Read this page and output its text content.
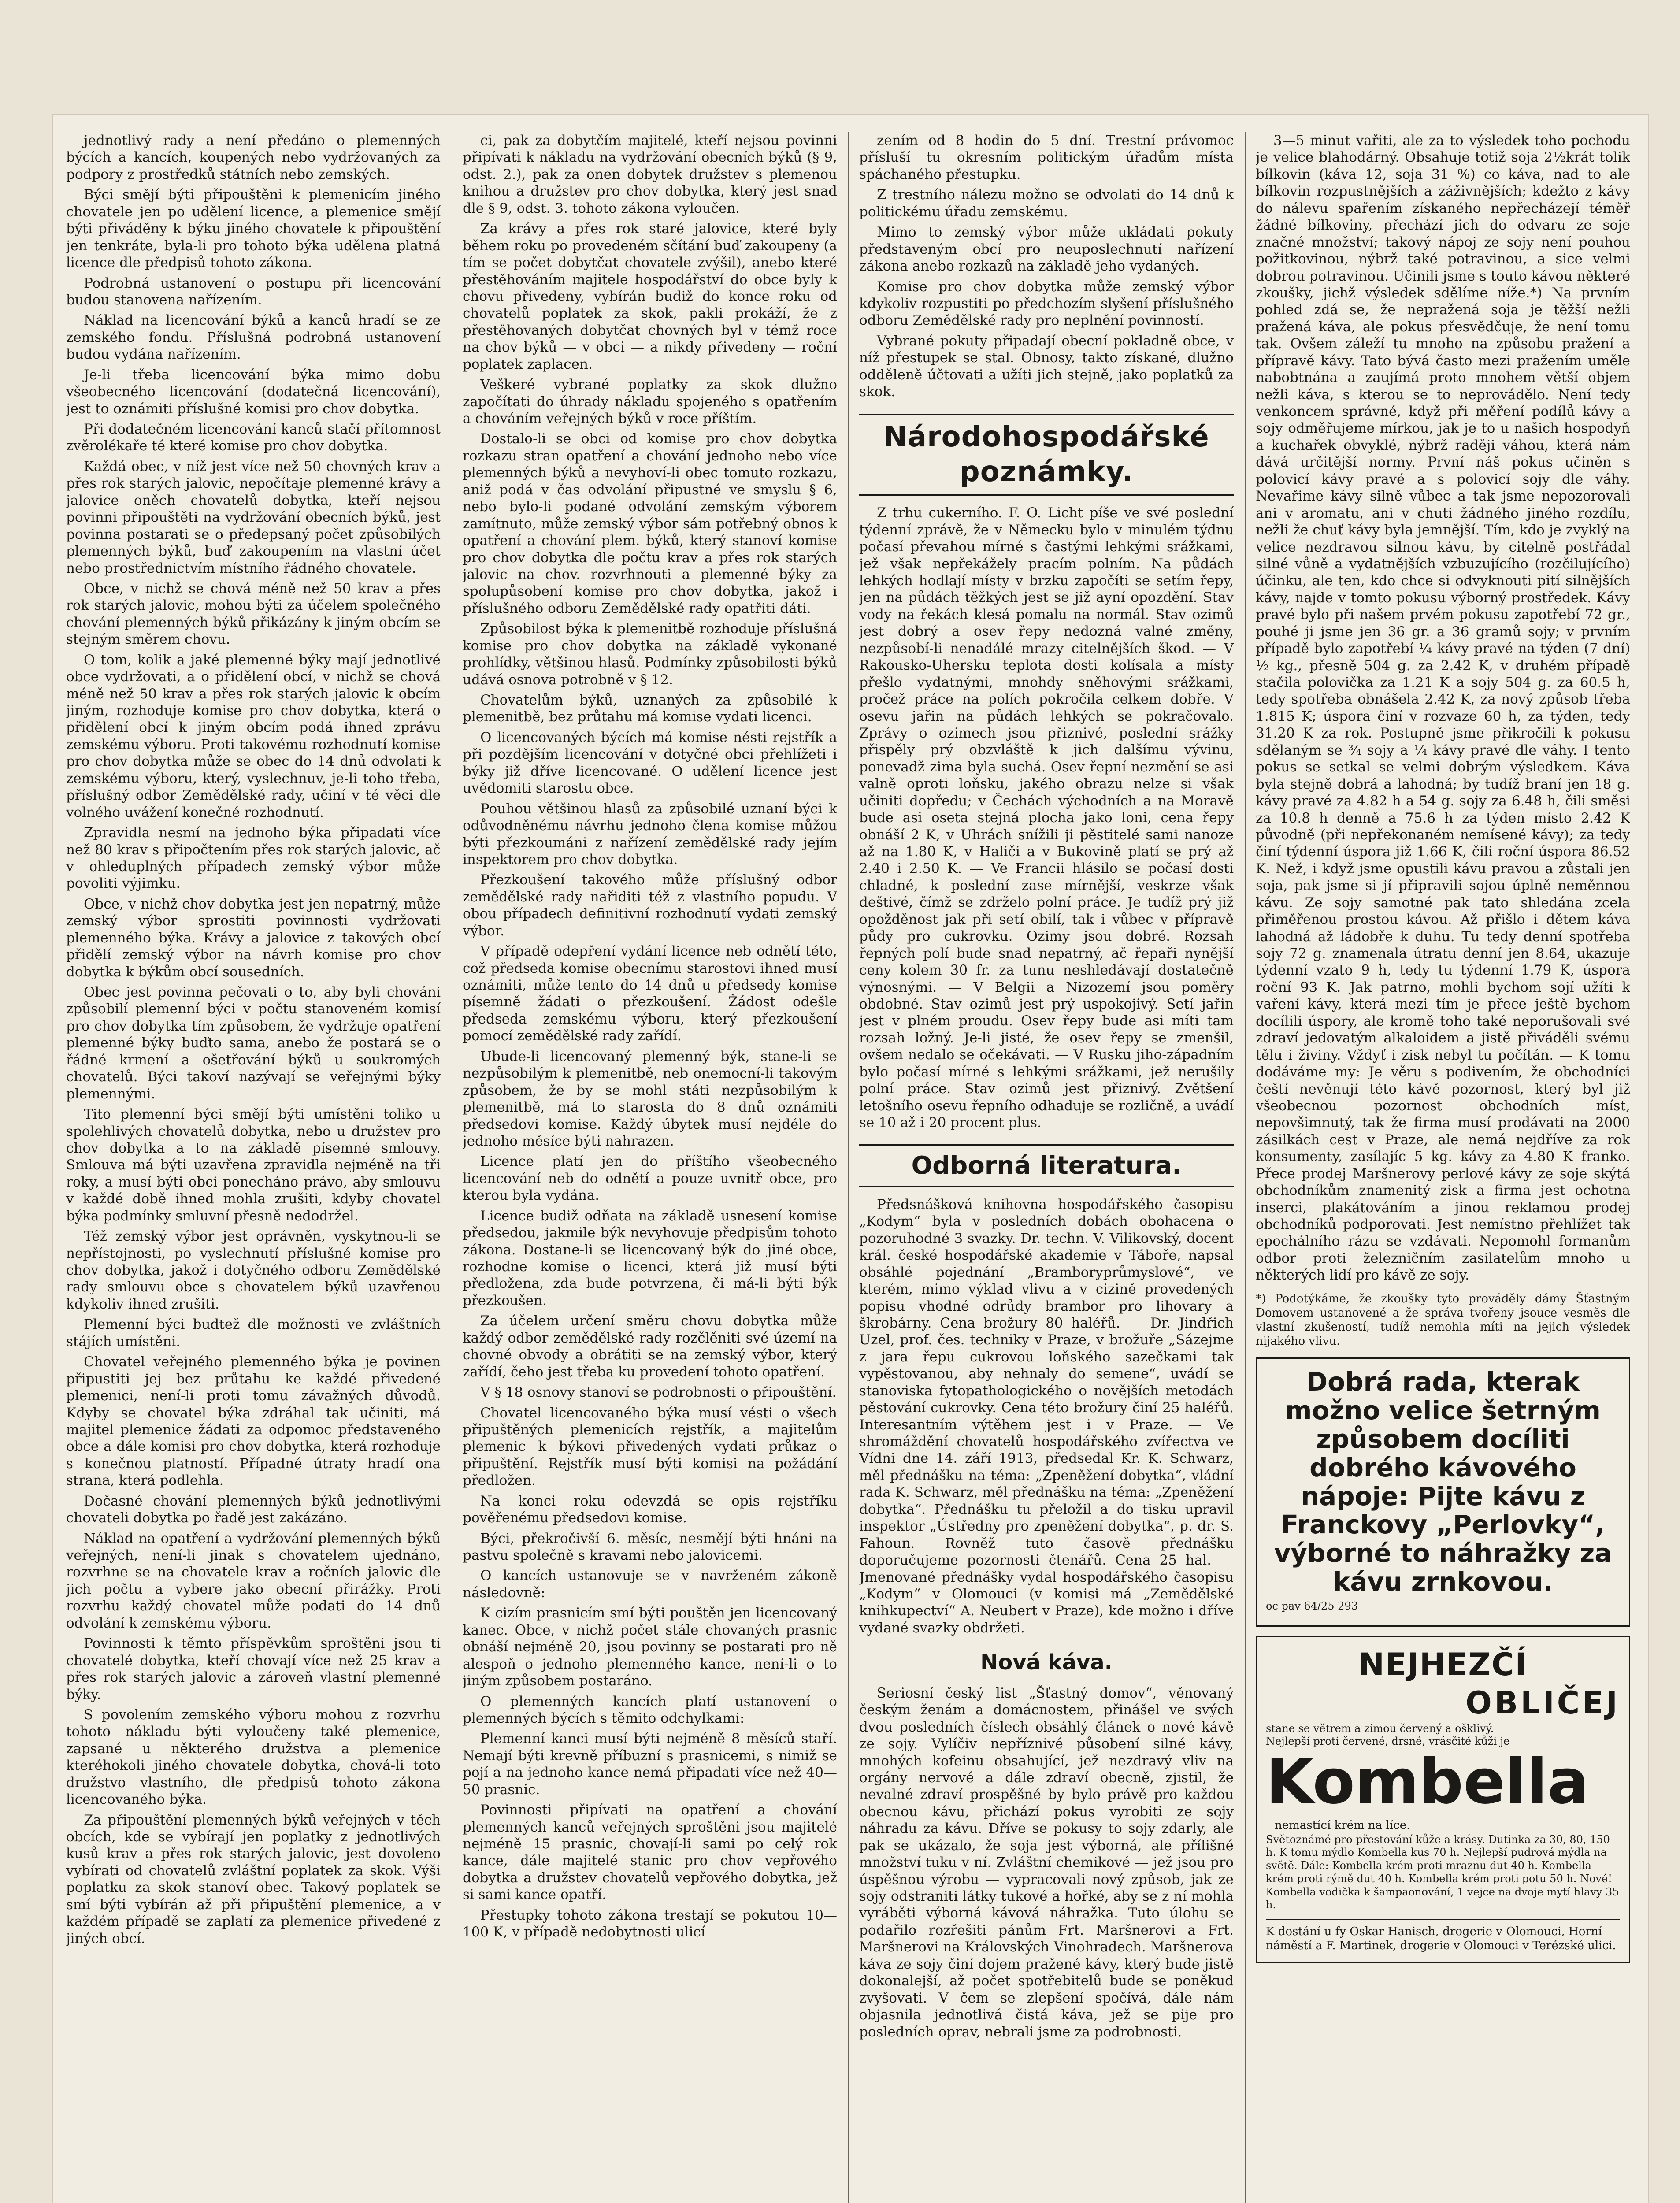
jednotlivý rady a není předáno o plemenných býcích a kancích, koupených nebo vydržovaných za podpory z prostředků státních nebo zemských.

Býci smějí býti připouštěni k plemenicím jiného chovatele jen po udělení licence, a plemenice smějí býti přiváděny k býku jiného chovatele k připouštění jen tenkráte, byla-li pro tohoto býka udělena platná licence dle předpisů tohoto zákona.

Podrobná ustanovení o postupu při licencování budou stanovena nařízením.

Náklad na licencování býků a kanců hradí se ze zemského fondu. Příslušná podrobná ustanovení budou vydána nařízením.

Je-li třeba licencování býka mimo dobu všeobecného licencování (dodatečná licencování), jest to oznámiti příslušné komisi pro chov dobytka.

Při dodatečném licencování kanců stačí přítomnost zvěrolékaře té které komise pro chov dobytka.

Každá obec, v níž jest více než 50 chovných krav a přes rok starých jalovic, nepočítaje plemenné krávy a jalovice oněch chovatelů dobytka, kteří nejsou povinni připouštěti na vydržování obecních býků, jest povinna postarati se o předepsaný počet způsobilých plemenných býků, buď zakoupením na vlastní účet nebo prostřednictvím místního řádného chovatele.

Obce, v nichž se chová méně než 50 krav a přes rok starých jalovic, mohou býti za účelem společného chování plemenných býků přikázány k jiným obcím se stejným směrem chovu.

O tom, kolik a jaké plemenné býky mají jednotlivé obce vydržovati, a o přidělení obcí, v nichž se chová méně než 50 krav a přes rok starých jalovic k obcím jiným, rozhoduje komise pro chov dobytka, která o přidělení obcí k jiným obcím podá ihned zprávu zemskému výboru. Proti takovému rozhodnutí komise pro chov dobytka může se obec do 14 dnů odvolati k zemskému výboru, který, vyslechnuv, je-li toho třeba, příslušný odbor Zemědělské rady, učiní v té věci dle volného uvážení konečné rozhodnutí.

Zpravidla nesmí na jednoho býka připadati více než 80 krav s připočtením přes rok starých jalovic, ač v ohleduplných případech zemský výbor může povoliti výjimku.

Obce, v nichž chov dobytka jest jen nepatrný, může zemský výbor sprostiti povinnosti vydržovati plemenného býka. Krávy a jalovice z takových obcí přidělí zemský výbor na návrh komise pro chov dobytka k býkům obcí sousedních.

Obec jest povinna pečovati o to, aby byli chováni způsobilí plemenní býci v počtu stanoveném komisí pro chov dobytka tím způsobem, že vydržuje opatření plemenné býky buďto sama, anebo že postará se o řádné krmení a ošetřování býků u soukromých chovatelů. Býci takoví nazývají se veřejnými býky plemennými.

Tito plemenní býci smějí býti umístěni toliko u spolehlivých chovatelů dobytka, nebo u družstev pro chov dobytka a to na základě písemné smlouvy. Smlouva má býti uzavřena zpravidla nejméně na tři roky, a musí býti obci ponecháno právo, aby smlouvu v každé době ihned mohla zrušiti, kdyby chovatel býka podmínky smluvní přesně nedodržel.

Též zemský výbor jest oprávněn, vyskytnou-li se nepřístojnosti, po vyslechnutí příslušné komise pro chov dobytka, jakož i dotyčného odboru Zemědělské rady smlouvu obce s chovatelem býků uzavřenou kdykoliv ihned zrušiti.

Plemenní býci budtež dle možnosti ve zvláštních stájích umístěni.

Chovatel veřejného plemenného býka je povinen připustiti jej bez průtahu ke každé přivedené plemenici, není-li proti tomu závažných důvodů. Kdyby se chovatel býka zdráhal tak učiniti, má majitel plemenice žádati za odpomoc představeného obce a dále komisi pro chov dobytka, která rozhoduje s konečnou platností. Případné útraty hradí ona strana, která podlehla.

Dočasné chování plemenných býků jednotlivými chovateli dobytka po řadě jest zakázáno.

Náklad na opatření a vydržování plemenných býků veřejných, není-li jinak s chovatelem ujednáno, rozvrhne se na chovatele krav a ročních jalovic dle jich počtu a vybere jako obecní přirážky. Proti rozvrhu každý chovatel může podati do 14 dnů odvolání k zemskému výboru.

Povinnosti k těmto příspěvkům sproštěni jsou ti chovatelé dobytka, kteří chovají více než 25 krav a přes rok starých jalovic a zároveň vlastní plemenné býky.

S povolením zemského výboru mohou z rozvrhu tohoto nákladu býti vyloučeny také plemenice, zapsané u některého družstva a plemenice kteréhokoli jiného chovatele dobytka, chová-li toto družstvo vlastního, dle předpisů tohoto zákona licencovaného býka.

Za připouštění plemenných býků veřejných v těch obcích, kde se vybírají jen poplatky z jednotlivých kusů krav a přes rok starých jalovic, jest dovoleno vybírati od chovatelů zvláštní poplatek za skok. Výši poplatku za skok stanoví obec. Takový poplatek se smí býti vybírán až při připuštění plemenice, a v každém případě se zaplatí za plemenice přivedené z jiných obcí.

ci, pak za dobytčím majitelé, kteří nejsou povinni připívati k nákladu na vydržování obecních býků (§ 9, odst. 2.), pak za onen dobytek družstev s plemenou knihou a družstev pro chov dobytka, který jest snad dle § 9, odst. 3. tohoto zákona vyloučen.

Za krávy a přes rok staré jalovice, které byly během roku po provedeném sčítání buď zakoupeny (a tím se počet dobytčat chovatele zvýšil), anebo které přestěhováním majitele hospodářství do obce byly k chovu přivedeny, vybírán budiž do konce roku od chovatelů poplatek za skok, pakli prokáží, že z přestěhovaných dobytčat chovných byl v témž roce na chov býků — v obci — a nikdy přivedeny — roční poplatek zaplacen.

Veškeré vybrané poplatky za skok dlužno započítati do úhrady nákladu spojeného s opatřením a chováním veřejných býků v roce příštím.

Dostalo-li se obci od komise pro chov dobytka rozkazu stran opatření a chování jednoho nebo více plemenných býků a nevyhoví-li obec tomuto rozkazu, aniž podá v čas odvolání připustné ve smyslu § 6, nebo bylo-li podané odvolání zemským výborem zamítnuto, může zemský výbor sám potřebný obnos k opatření a chování plem. býků, který stanoví komise pro chov dobytka dle počtu krav a přes rok starých jalovic na chov. rozvrhnouti a plemenné býky za spolupůsobení komise pro chov dobytka, jakož i příslušného odboru Zemědělské rady opatřiti dáti.

Způsobilost býka k plemenitbě rozhoduje příslušná komise pro chov dobytka na základě vykonané prohlídky, většinou hlasů. Podmínky způsobilosti býků udává osnova potrobně v § 12.

Chovatelům býků, uznaných za způsobilé k plemenitbě, bez průtahu má komise vydati licenci.

O licencovaných býcích má komise nésti rejstřík a při pozdějším licencování v dotyčné obci přehlížeti i býky již dříve licencované. O udělení licence jest uvědomiti starostu obce.

Pouhou většinou hlasů za způsobilé uznaní býci k odůvodněnému návrhu jednoho člena komise můžou býti přezkoumáni z nařízení zemědělské rady jejím inspektorem pro chov dobytka.

Přezkoušení takového může příslušný odbor zemědělské rady nařiditi též z vlastního popudu. V obou případech definitivní rozhodnutí vydati zemský výbor.

V případě odepření vydání licence neb odnětí této, což předseda komise obecnímu starostovi ihned musí oznámiti, může tento do 14 dnů u předsedy komise písemně žádati o přezkoušení. Žádost odešle předseda zemskému výboru, který přezkoušení pomocí zemědělské rady zařídí.

Ubude-li licencovaný plemenný býk, stane-li se nezpůsobilým k plemenitbě, neb onemocní-li takovým způsobem, že by se mohl státi nezpůsobilým k plemenitbě, má to starosta do 8 dnů oznámiti předsedovi komise. Každý úbytek musí nejdéle do jednoho měsíce býti nahrazen.

Licence platí jen do příštího všeobecného licencování neb do odnětí a pouze uvnitř obce, pro kterou byla vydána.

Licence budiž odňata na základě usnesení komise předsedou, jakmile býk nevyhovuje předpisům tohoto zákona. Dostane-li se licencovaný býk do jiné obce, rozhodne komise o licenci, která již musí býti předložena, zda bude potvrzena, či má-li býti býk přezkoušen.

Za účelem určení směru chovu dobytka může každý odbor zemědělské rady rozčlěniti své území na chovné obvody a obrátiti se na zemský výbor, který zařídí, čeho jest třeba ku provedení tohoto opatření.

V § 18 osnovy stanoví se podrobnosti o připouštění.

Chovatel licencovaného býka musí vésti o všech připuštěných plemenicích rejstřík, a majitelům plemenic k býkovi přivedených vydati průkaz o připuštění. Rejstřík musí býti komisi na požádání předložen.

Na konci roku odevzdá se opis rejstříku pověřenému předsedovi komise.

Býci, překročivší 6. měsíc, nesmějí býti hnáni na pastvu společně s kravami nebo jalovicemi.

O kancích ustanovuje se v navrženém zákoně následovně:

K cizím prasnicím smí býti pouštěn jen licencovaný kanec. Obce, v nichž počet stále chovaných prasnic obnáší nejméně 20, jsou povinny se postarati pro ně alespoň o jednoho plemenného kance, není-li o to jiným způsobem postaráno.

O plemenných kancích platí ustanovení o plemenných býcích s těmito odchylkami:

Plemenní kanci musí býti nejméně 8 měsíců staří. Nemají býti krevně příbuzní s prasnicemi, s nimiž se pojí a na jednoho kance nemá připadati více než 40—50 prasnic.

Povinnosti připívati na opatření a chování plemenných kanců veřejných sproštěni jsou majitelé nejméně 15 prasnic, chovají-li sami po celý rok kance, dále majitelé stanic pro chov vepřového dobytka a družstev chovatelů vepřového dobytka, jež si sami kance opatří.

Přestupky tohoto zákona trestají se pokutou 10—100 K, v případě nedobytnosti ulicí

zením od 8 hodin do 5 dní. Trestní právomoc přísluší tu okresním politickým úřadům místa spáchaného přestupku.

Z trestního nálezu možno se odvolati do 14 dnů k politickému úřadu zemskému.

Mimo to zemský výbor může ukládati pokuty představeným obcí pro neuposlechnutí nařízení zákona anebo rozkazů na základě jeho vydaných.

Komise pro chov dobytka může zemský výbor kdykoliv rozpustiti po předchozím slyšení příslušného odboru Zemědělské rady pro neplnění povinností.

Vybrané pokuty připadají obecní pokladně obce, v níž přestupek se stal. Obnosy, takto získané, dlužno odděleně účtovati a užíti jich stejně, jako poplatků za skok.

Národohospodářské poznámky.

Z trhu cukerního. F. O. Licht píše ve své poslední týdenní zprávě, že v Německu bylo v minulém týdnu počasí převahou mírné s častými lehkými srážkami, jež však nepřekážely pracím polním. Na půdách lehkých hodlají místy v brzku započíti se setím řepy, jen na půdách těžkých jest se již ayní opozdění. Stav vody na řekách klesá pomalu na normál. Stav ozimů jest dobrý a osev řepy nedozná valné změny, nezpůsobí-li nenadálé mrazy citelnějších škod. — V Rakousko-Uhersku teplota dosti kolísala a místy přešlo vydatnými, mnohdy sněhovými srážkami, pročež práce na polích pokročila celkem dobře. V osevu jařin na půdách lehkých se pokračovalo. Zprávy o ozimech jsou přiznivé, poslední srážky přispěly prý obzvláště k jich dalšímu vývinu, ponevadž zima byla suchá. Osev řepní nezmění se asi valně oproti loňsku, jakého obrazu nelze si však učiniti dopředu; v Čechách východních a na Moravě bude asi oseta stejná plocha jako loni, cena řepy obnáší 2 K, v Uhrách snížili ji pěstitelé sami nanoze až na 1.80 K, v Haliči a v Bukovině platí se prý až 2.40 i 2.50 K. — Ve Francii hlásilo se počasí dosti chladné, k poslední zase mírnější, veskrze však deštivé, čímž se zdrželo polní práce. Je tudíž prý již opožděnost jak při setí obilí, tak i vůbec v přípravě půdy pro cukrovku. Ozimy jsou dobré. Rozsah řepných polí bude snad nepatrný, ač řepaři nynější ceny kolem 30 fr. za tunu neshledávají dostatečně výnosnými. — V Belgii a Nizozemí jsou poměry obdobné. Stav ozimů jest prý uspokojivý. Setí jařin jest v plném proudu. Osev řepy bude asi míti tam rozsah ložný. Je-li jisté, že osev řepy se zmenšil, ovšem nedalo se očekávati. — V Rusku jiho-západním bylo počasí mírné s lehkými srážkami, jež nerušily polní práce. Stav ozimů jest přiznivý. Zvětšení letošního osevu řepního odhaduje se rozličně, a uvádí se 10 až i 20 procent plus.

Odborná literatura.

Předsnášková knihovna hospodářského časopisu „Kodym“ byla v posledních dobách obohacena o pozoruhodné 3 svazky. Dr. techn. V. Vilikovský, docent král. české hospodářské akademie v Táboře, napsal obsáhlé pojednání „Bramboryprůmyslové“, ve kterém, mimo výklad vlivu a v cizině provedených popisu vhodné odrůdy brambor pro lihovary a škrobárny. Cena brožury 80 haléřů. — Dr. Jindřich Uzel, prof. čes. techniky v Praze, v brožuře „Sázejme z jara řepu cukrovou loňského sazečkami tak vypěstovanou, aby nehnaly do semene“, uvádí se stanoviska fytopathologického o novějších metodách pěstování cukrovky. Cena této brožury činí 25 haléřů. Interesantním výtěhem jest i v Praze. — Ve shromáždění chovatelů hospodářského zvířectva ve Vídni dne 14. září 1913, předsedal Kr. K. Schwarz, měl přednášku na téma: „Zpeněžení dobytka“, vládní rada K. Schwarz, měl přednášku na téma: „Zpeněžení dobytka“. Přednášku tu přeložil a do tisku upravil inspektor „Ústředny pro zpeněžení dobytka“, p. dr. S. Fahoun. Rovněž tuto časově přednášku doporučujeme pozornosti čtenářů. Cena 25 hal. — Jmenované přednášky vydal hospodářského časopisu „Kodym“ v Olomouci (v komisi má „Zemědělské knihkupectví“ A. Neubert v Praze), kde možno i dříve vydané svazky obdržeti.

Nová káva.

Seriosní český list „Šťastný domov“, věnovaný českým ženám a domácnostem, přinášel ve svých dvou posledních číslech obsáhlý článek o nové kávě ze sojy. Vylíčiv nepříznivé působení silné kávy, mnohých kofeinu obsahující, jež nezdravý vliv na orgány nervové a dále zdraví obecně, zjistil, že nevalné zdraví prospěšné by bylo právě pro každou obecnou kávu, přichází pokus vyrobiti ze sojy náhradu za kávu. Dříve se pokusy to sojy zdarly, ale pak se ukázalo, že soja jest výborná, ale přílišné množství tuku v ní. Zvláštní chemikové — jež jsou pro úspěšnou výrobu — vypracovali nový způsob, jak ze sojy odstraniti látky tukové a hořké, aby se z ní mohla vyráběti výborná kávová náhražka. Tuto úlohu se podařilo rozřešiti pánům Frt. Maršnerovi a Frt. Maršnerovi na Královských Vinohradech. Maršnerova káva ze sojy činí dojem pražené kávy, který bude jistě dokonalejší, až počet spotřebitelů bude se poněkud zvyšovati. V čem se zlepšení spočívá, dále nám objasnila jednotlivá čistá káva, jež se pije pro posledních oprav, nebrali jsme za podrobnosti.

3—5 minut vařiti, ale za to výsledek toho pochodu je velice blahodárný. Obsahuje totiž soja 2½krát tolik bílkovin (káva 12, soja 31 %) co káva, nad to ale bílkovin rozpustnějších a záživnějších; kdežto z kávy do nálevu spařením získaného nepřecházejí téměř žádné bílkoviny, přechází jich do odvaru ze soje značné množství; takový nápoj ze sojy není pouhou požitkovinou, nýbrž také potravinou, a sice velmi dobrou potravinou. Učinili jsme s touto kávou některé zkoušky, jichž výsledek sdělíme níže.*) Na prvním pohled zdá se, že nepražená soja je těžší nežli pražená káva, ale pokus přesvědčuje, že není tomu tak. Ovšem záleží tu mnoho na způsobu pražení a přípravě kávy. Tato bývá často mezi pražením uměle nabobtnána a zaujímá proto mnohem větší objem nežli káva, s kterou se to neprovádělo. Není tedy venkoncem správné, když při měření podílů kávy a sojy odměřujeme mírkou, jak je to u našich hospodyň a kuchařek obvyklé, nýbrž raději váhou, která nám dává určitější normy. První náš pokus učiněn s polovicí kávy pravé a s polovicí sojy dle váhy. Nevařime kávy silně vůbec a tak jsme nepozorovali ani v aromatu, ani v chuti žádného jiného rozdílu, nežli že chuť kávy byla jemnější. Tím, kdo je zvyklý na velice nezdravou silnou kávu, by citelně postřádal silné vůně a vydatnějších vzbuzujícího (rozčilujícího) účinku, ale ten, kdo chce si odvyknouti pití silnějších kávy, najde v tomto pokusu výborný prostředek. Kávy pravé bylo při našem prvém pokusu zapotřebí 72 gr., pouhé ji jsme jen 36 gr. a 36 gramů sojy; v prvním případě bylo zapotřebí ¼ kávy pravé na týden (7 dní) ½ kg., přesně 504 g. za 2.42 K, v druhém případě stačila polovička za 1.21 K a sojy 504 g. za 60.5 h, tedy spotřeba obnášela 2.42 K, za nový způsob třeba 1.815 K; úspora činí v rozvaze 60 h, za týden, tedy 31.20 K za rok. Postupně jsme přikročili k pokusu sdělaným se ¾ sojy a ¼ kávy pravé dle váhy. I tento pokus se setkal se velmi dobrým výsledkem. Káva byla stejně dobrá a lahodná; by tudíž braní jen 18 g. kávy pravé za 4.82 h a 54 g. sojy za 6.48 h, čili směsi za 10.8 h denně a 75.6 h za týden místo 2.42 K původně (při nepřekonaném nemísené kávy); za tedy činí týdenní úspora již 1.66 K, čili roční úspora 86.52 K. Než, i když jsme opustili kávu pravou a zůstali jen soja, pak jsme si jí připravili sojou úplně neměnnou kávu. Ze sojy samotné pak tato shledána zcela přiměřenou prostou kávou. Až přišlo i dětem káva lahodná až ládobře k duhu. Tu tedy denní spotřeba sojy 72 g. znamenala útratu denní jen 8.64, ukazuje týdenní vzato 9 h, tedy tu týdenní 1.79 K, úspora roční 93 K. Jak patrno, mohli bychom sojí užíti k vaření kávy, která mezi tím je přece ještě bychom docílili úspory, ale kromě toho také neporušovali své zdraví jedovatým alkaloidem a jistě přiváděli svému tělu i živiny. Vždyť i zisk nebyl tu počítán. — K tomu dodáváme my: Je věru s podivením, že obchodníci čeští nevěnují této kávě pozornost, který byl již všeobecnou pozornost obchodních míst, nepovšimnutý, tak že firma musí prodávati na 2000 zásilkách cest v Praze, ale nemá nejdříve za rok konsumenty, zasílajíc 5 kg. kávy za 4.80 K franko. Přece prodej Maršnerovy perlové kávy ze soje skýtá obchodníkům znamenitý zisk a firma jest ochotna inserci, plakátováním a jinou reklamou prodej obchodníků podporovati. Jest nemístno přehlížet tak epochálního rázu se vzdávati. Nepomohl formanům odbor proti železničním zasilatelům mnoho u některých lidí pro kávě ze sojy.

*) Podotýkáme, že zkoušky tyto prováděly dámy Šťastným Domovem ustanovené a že správa tvořeny jsouce vesměs dle vlastní zkušeností, tudíž nemohla míti na jejich výsledek nijakého vlivu.
Dobrá rada, kterak možno velice šetrným způsobem docíliti dobrého kávového nápoje: Pijte kávu z Franckovy „Perlovky“, výborné to náhražky za kávu zrnkovou.
oc pav 64/25 293
NEJHEZČÍ
OBLIČEJ
stane se větrem a zimou červený a ošklivý.
Nejlepší proti červené, drsné, vrásčité kůži je
Kombella nemastící krém na líce.
Světoznámé pro přestování kůže a krásy. Dutinka za 30, 80, 150 h. K tomu mýdlo Kombella kus 70 h. Nejlepší pudrová mýdla na světě. Dále: Kombella krém proti mraznu dut 40 h. Kombella krém proti rýmě dut 40 h. Kombella krém proti potu 50 h. Nové! Kombella vodička k šampaonování, 1 vejce na dvoje mytí hlavy 35 h.
K dostání u fy Oskar Hanisch, drogerie v Olomouci, Horní náměstí a F. Martinek, drogerie v Olomouci v Terézské ulici.
